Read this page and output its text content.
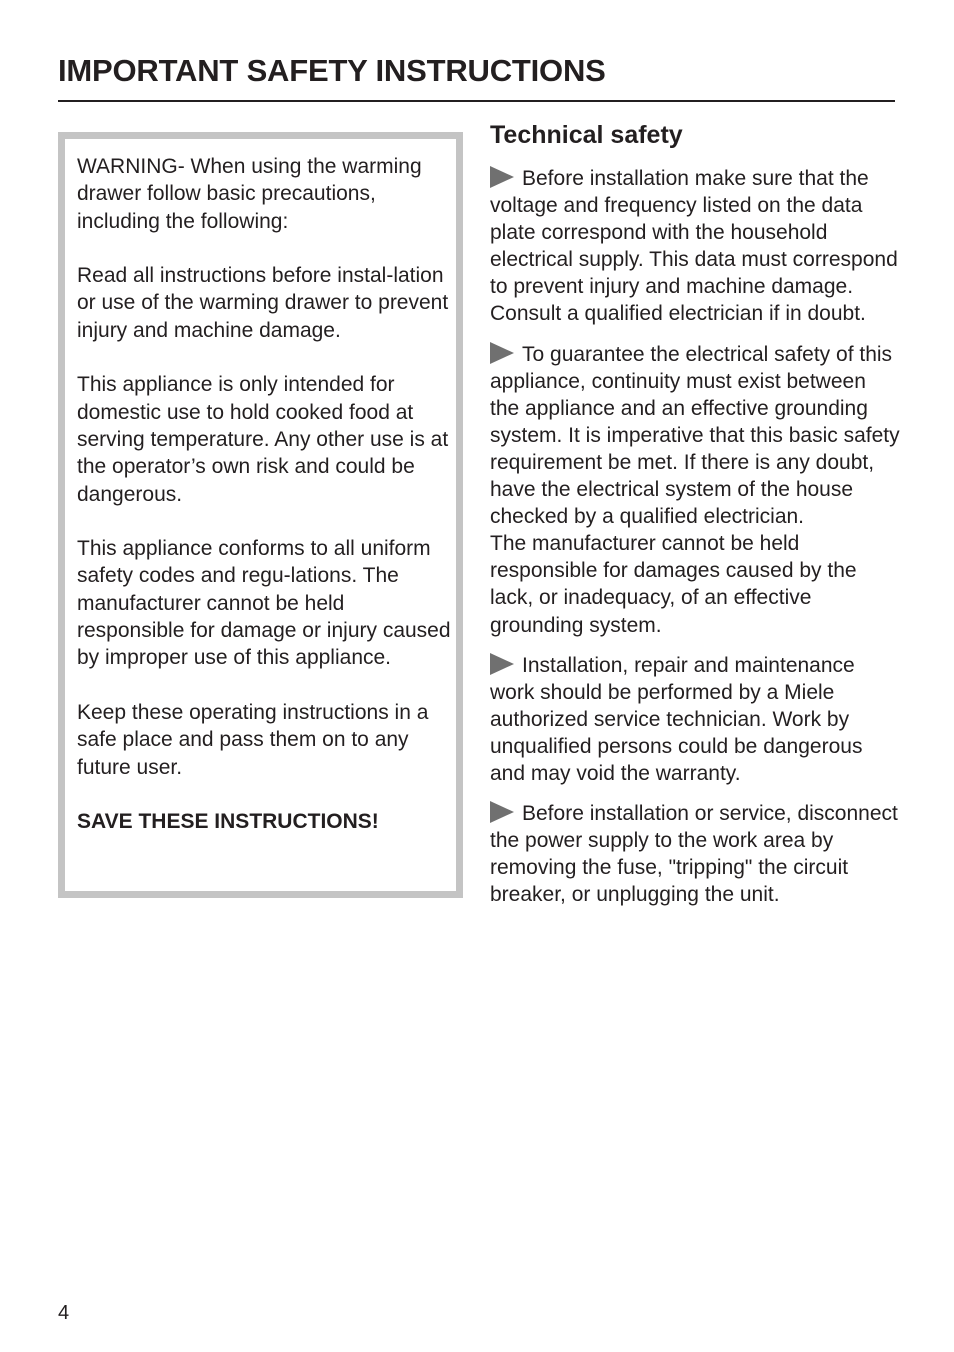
IMPORTANT SAFETY INSTRUCTIONS

WARNING- When using the warming drawer follow basic precautions, including the following:

Read all instructions before instal-lation or use of the warming drawer to prevent injury and machine damage.

This appliance is only intended for domestic use to hold cooked food at serving temperature. Any other use is at the operator’s own risk and could be dangerous.

This appliance conforms to all uniform safety codes and regu-lations. The manufacturer cannot be held responsible for damage or injury caused by improper use of this appliance.

Keep these operating instructions in a safe place and pass them on to any future user.

SAVE THESE INSTRUCTIONS!

Technical safety

Before installation make sure that the voltage and frequency listed on the data plate correspond with the household electrical supply. This data must correspond to prevent injury and machine damage. Consult a qualified electrician if in doubt.

To guarantee the electrical safety of this appliance, continuity must exist between the appliance and an effective grounding system. It is imperative that this basic safety requirement be met. If there is any doubt, have the electrical system of the house checked by a qualified electrician.
The manufacturer cannot be held responsible for damages caused by the lack, or inadequacy, of an effective grounding system.

Installation, repair and maintenance work should be performed by a Miele authorized service technician. Work by unqualified persons could be dangerous and may void the warranty.

Before installation or service, disconnect the power supply to the work area by removing the fuse, "tripping" the circuit breaker, or unplugging the unit.

4
